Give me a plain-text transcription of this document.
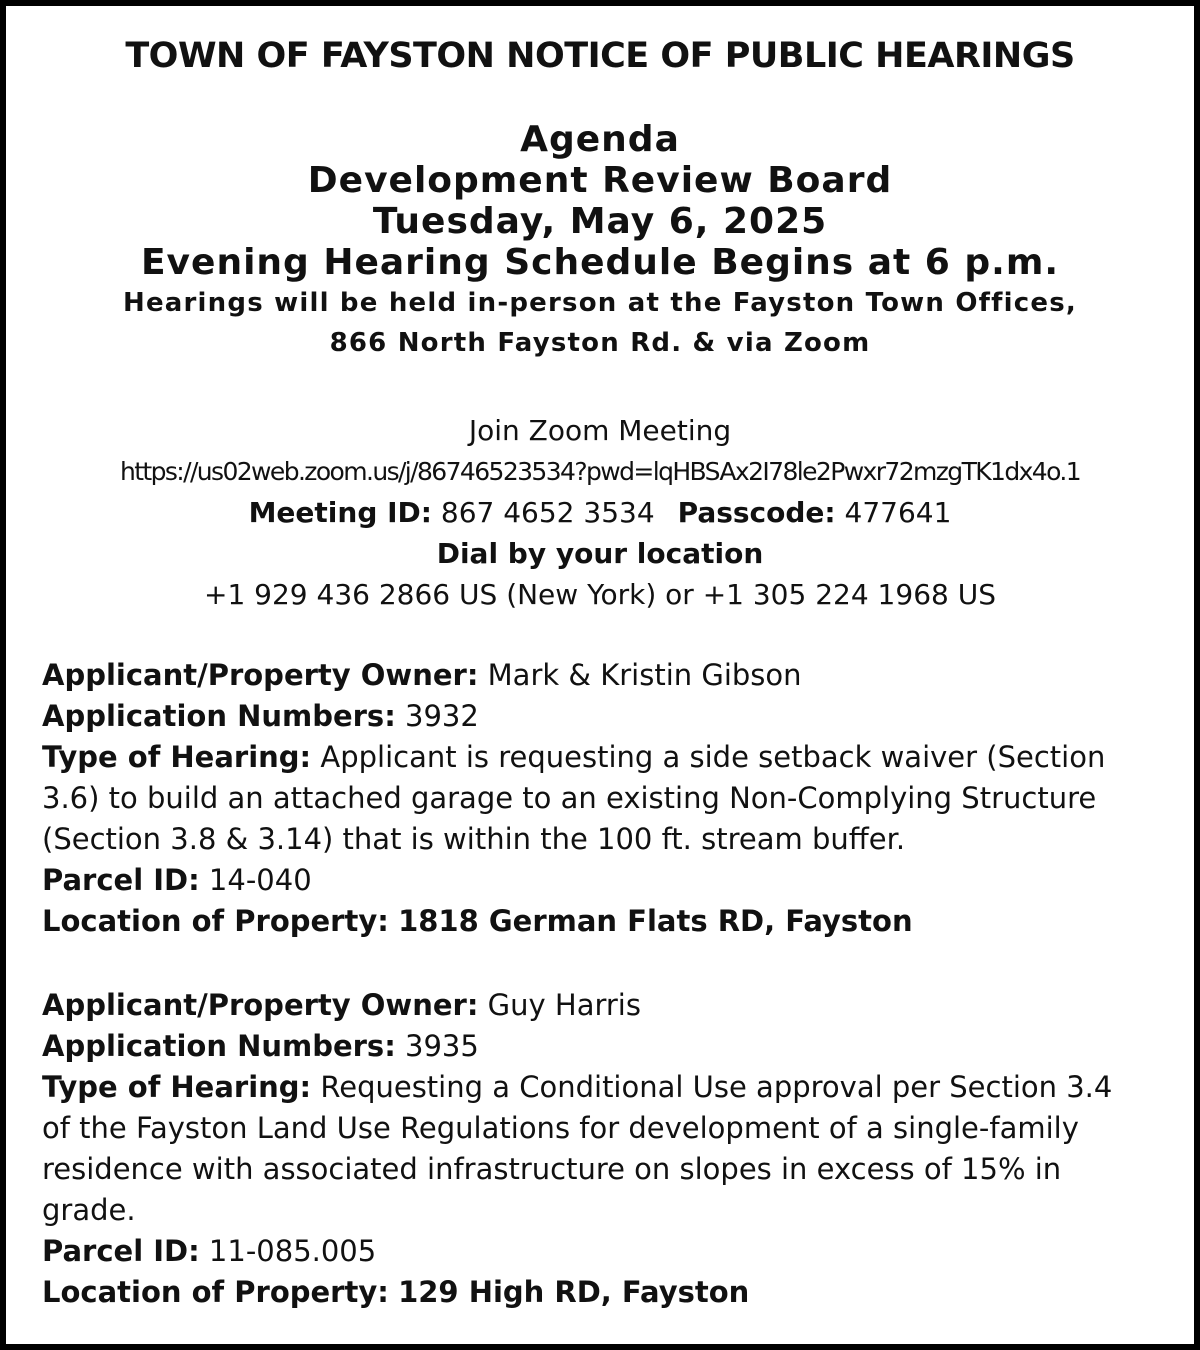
TOWN OF FAYSTON NOTICE OF PUBLIC HEARINGS
Agenda
Development Review Board
Tuesday, May 6, 2025
Evening Hearing Schedule Begins at 6 p.m.
Hearings will be held in-person at the Fayston Town Offices,
866 North Fayston Rd. & via Zoom
Join Zoom Meeting
https://us02web.zoom.us/j/86746523534?pwd=lqHBSAx2I78le2Pwxr72mzgTK1dx4o.1
Meeting ID: 867 4652 3534 Passcode: 477641
Dial by your location
+1 929 436 2866 US (New York) or +1 305 224 1968 US
Applicant/Property Owner: Mark & Kristin Gibson
Application Numbers: 3932
Type of Hearing: Applicant is requesting a side setback waiver (Section 3.6) to build an attached garage to an existing Non-Complying Structure (Section 3.8 & 3.14) that is within the 100 ft. stream buffer.
Parcel ID: 14-040
Location of Property: 1818 German Flats RD, Fayston
Applicant/Property Owner: Guy Harris
Application Numbers: 3935
Type of Hearing: Requesting a Conditional Use approval per Section 3.4 of the Fayston Land Use Regulations for development of a single-family residence with associated infrastructure on slopes in excess of 15% in grade.
Parcel ID: 11-085.005
Location of Property: 129 High RD, Fayston
